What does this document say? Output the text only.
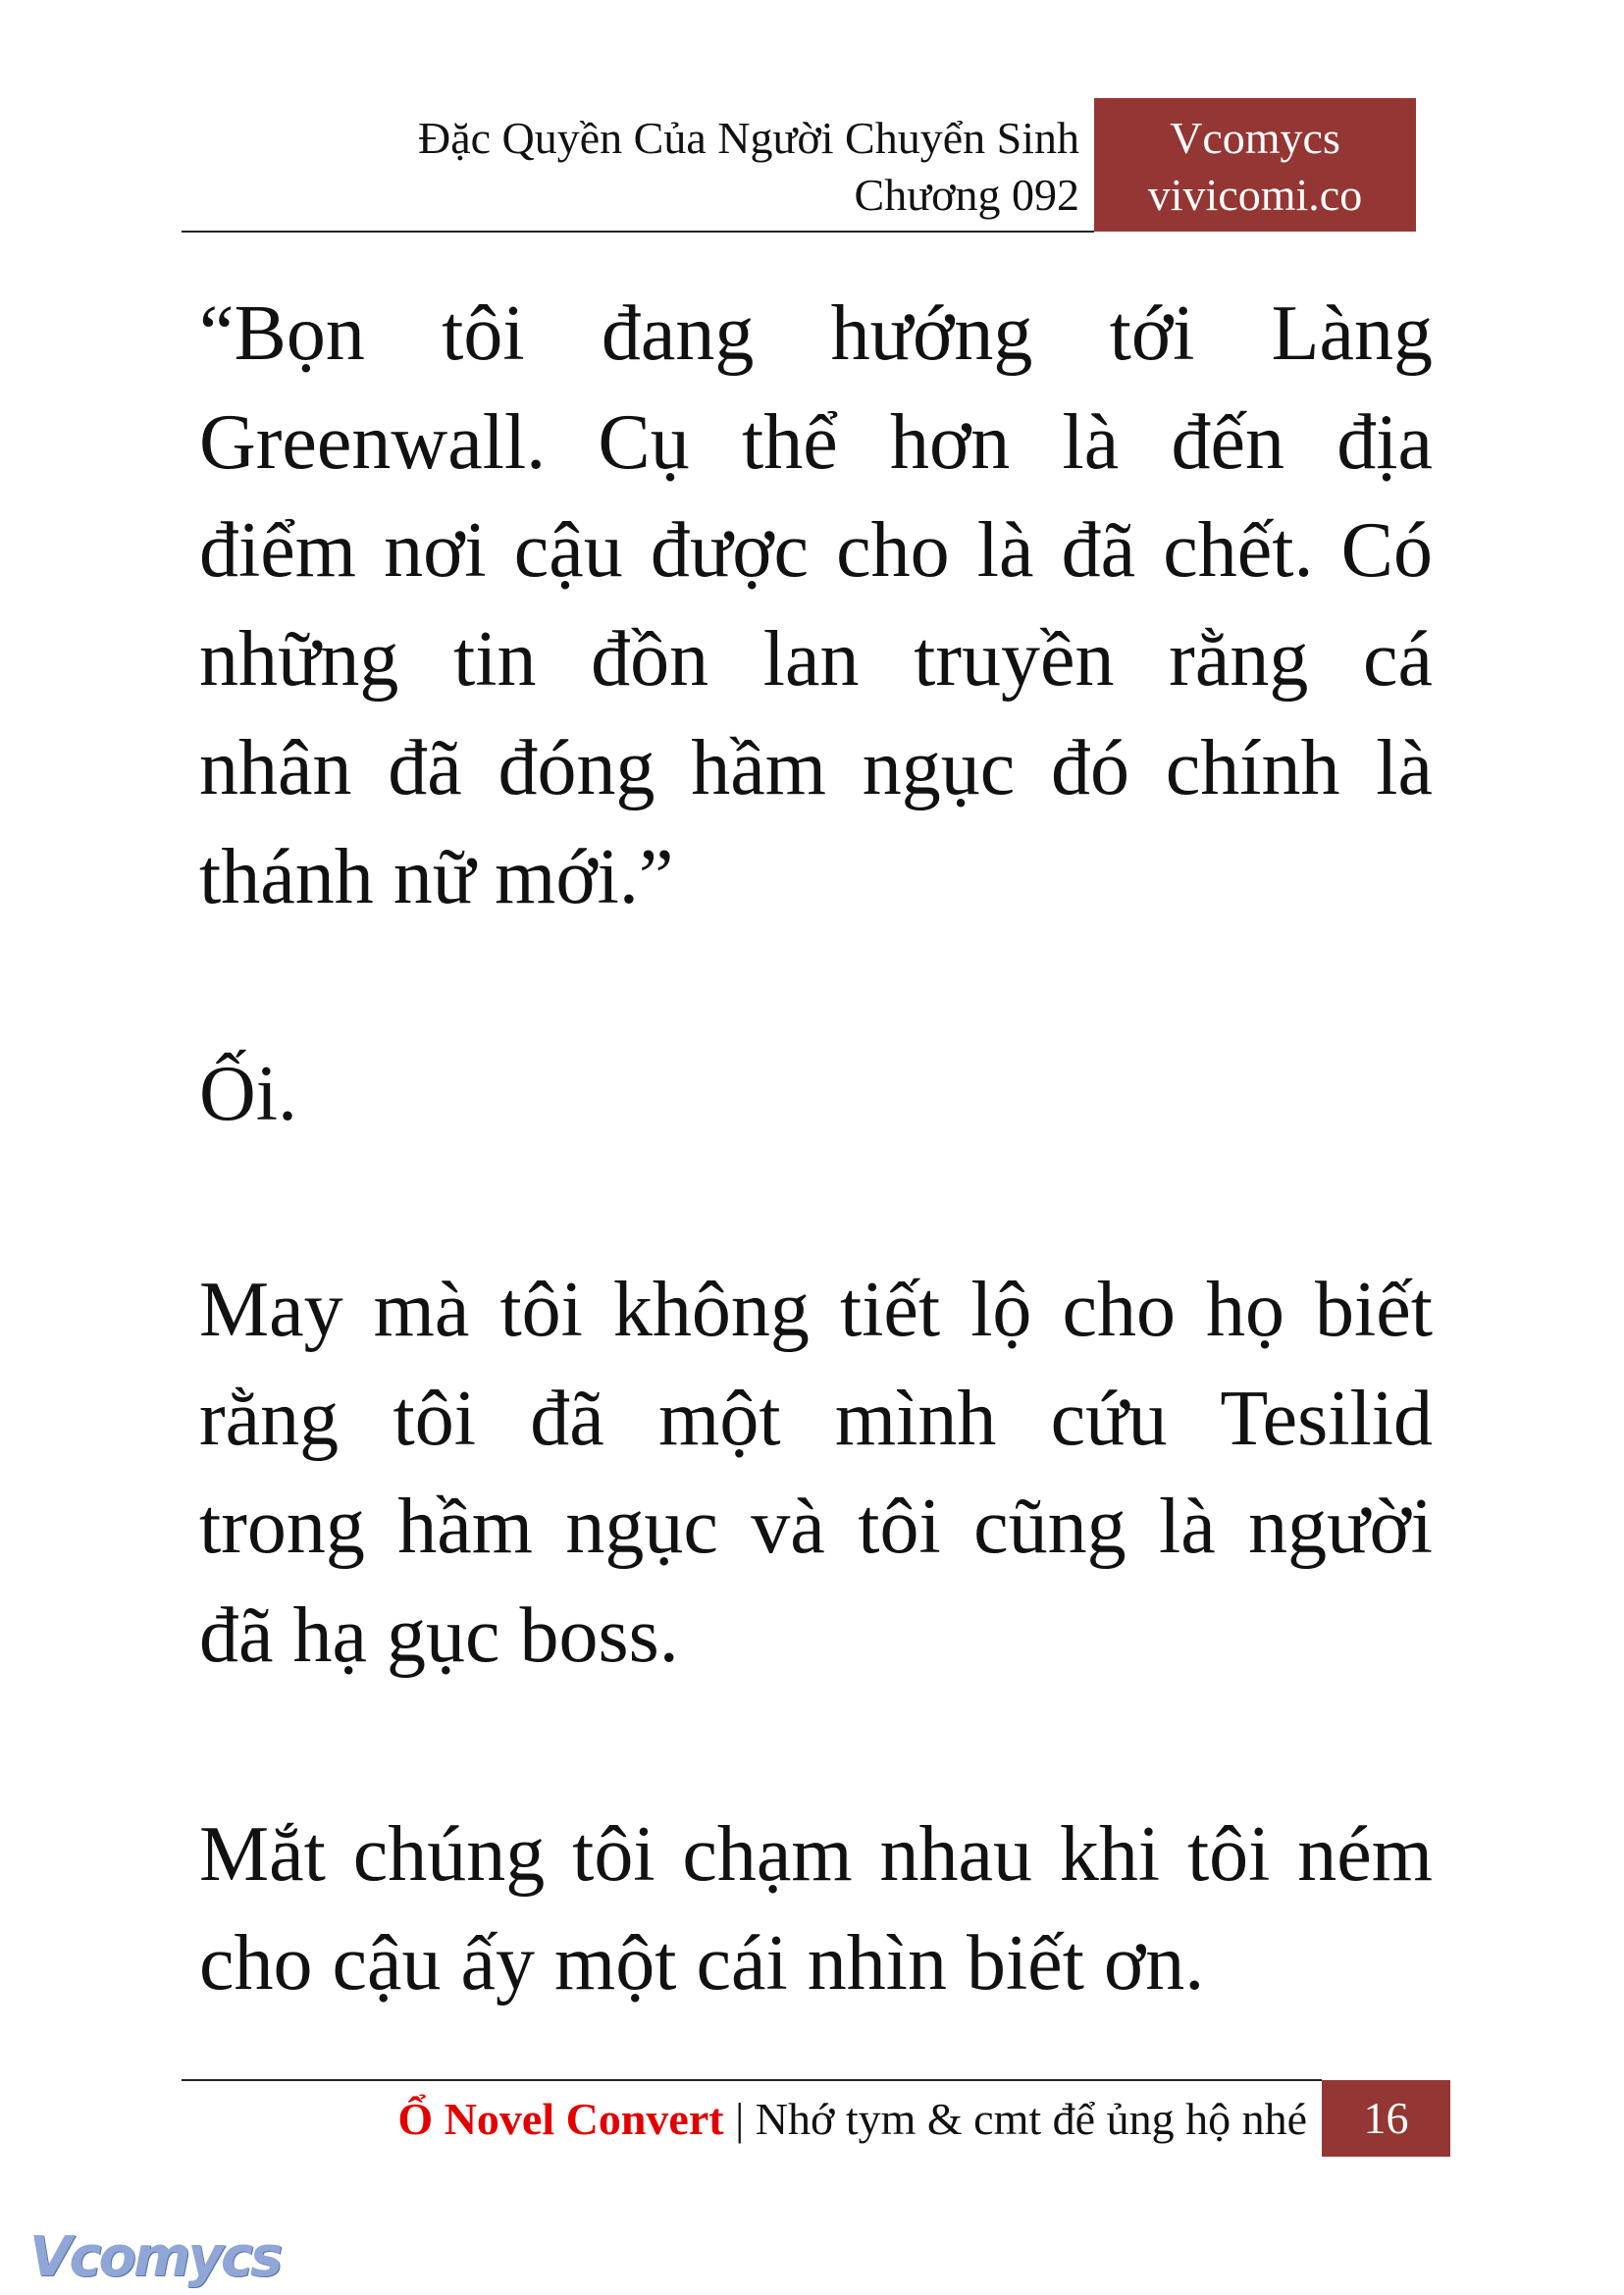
Đặc Quyền Của Người Chuyển Sinh
Chương 092
Vcomycs
vivicomi.co
“Bọn tôi đang hướng tới Làng
Greenwall. Cụ thể hơn là đến địa
điểm nơi cậu được cho là đã chết. Có
những tin đồn lan truyền rằng cá
nhân đã đóng hầm ngục đó chính là
thánh nữ mới.”
Ối.
May mà tôi không tiết lộ cho họ biết
rằng tôi đã một mình cứu Tesilid
trong hầm ngục và tôi cũng là người
đã hạ gục boss.
Mắt chúng tôi chạm nhau khi tôi ném
cho cậu ấy một cái nhìn biết ơn.
Ổ Novel Convert | Nhớ tym & cmt để ủng hộ nhé	16
Vcomycs
